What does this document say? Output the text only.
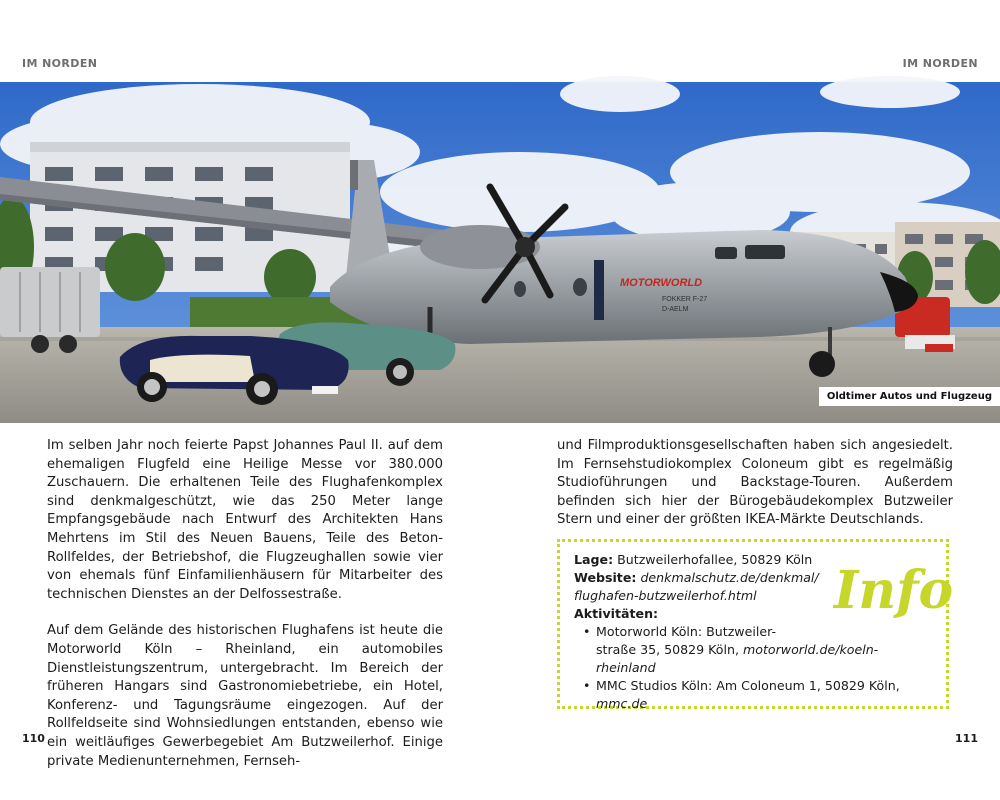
IM NORDEN	IM NORDEN
MOTORWORLD
FOKKER F-27
D-AELM
Oldtimer Autos und Flugzeug

Im selben Jahr noch feierte Papst Johannes Paul II. auf dem ehemaligen Flugfeld eine Heilige Messe vor 380.000 Zuschauern. Die erhaltenen Teile des Flughafenkomplex sind denkmalgeschützt, wie das 250 Meter lange Empfangsgebäude nach Entwurf des Architekten Hans Mehrtens im Stil des Neuen Bauens, Teile des Beton-Rollfeldes, der Betriebshof, die Flugzeughallen sowie vier von ehemals fünf Einfamilienhäusern für Mitarbeiter des technischen Dienstes an der Delfossestraße.

Auf dem Gelände des historischen Flughafens ist heute die Motorworld Köln – Rheinland, ein automobiles Dienstleistungszentrum, untergebracht. Im Bereich der früheren Hangars sind Gastronomiebetriebe, ein Hotel, Konferenz- und Tagungsräume eingezogen. Auf der Rollfeldseite sind Wohnsiedlungen entstanden, ebenso wie ein weitläufiges Gewerbegebiet Am Butzweilerhof. Einige private Medienunternehmen, Fernseh-

und Filmproduktionsgesellschaften haben sich angesiedelt. Im Fernsehstudiokomplex Coloneum gibt es regelmäßig Studioführungen und Backstage-Touren. Außerdem befinden sich hier der Bürogebäudekomplex Butzweiler Stern und einer der größten IKEA-Märkte Deutschlands.

Lage: Butzweilerhofallee, 50829 Köln
Website: denkmalschutz.de/denkmal/
flughafen-butzweilerhof.html
Aktivitäten:
• Motorworld Köln: Butzweiler-
straße 35, 50829 Köln, motorworld.de/koeln-rheinland
• MMC Studios Köln: Am Coloneum 1, 50829 Köln,
mmc.de
Info
110	111
